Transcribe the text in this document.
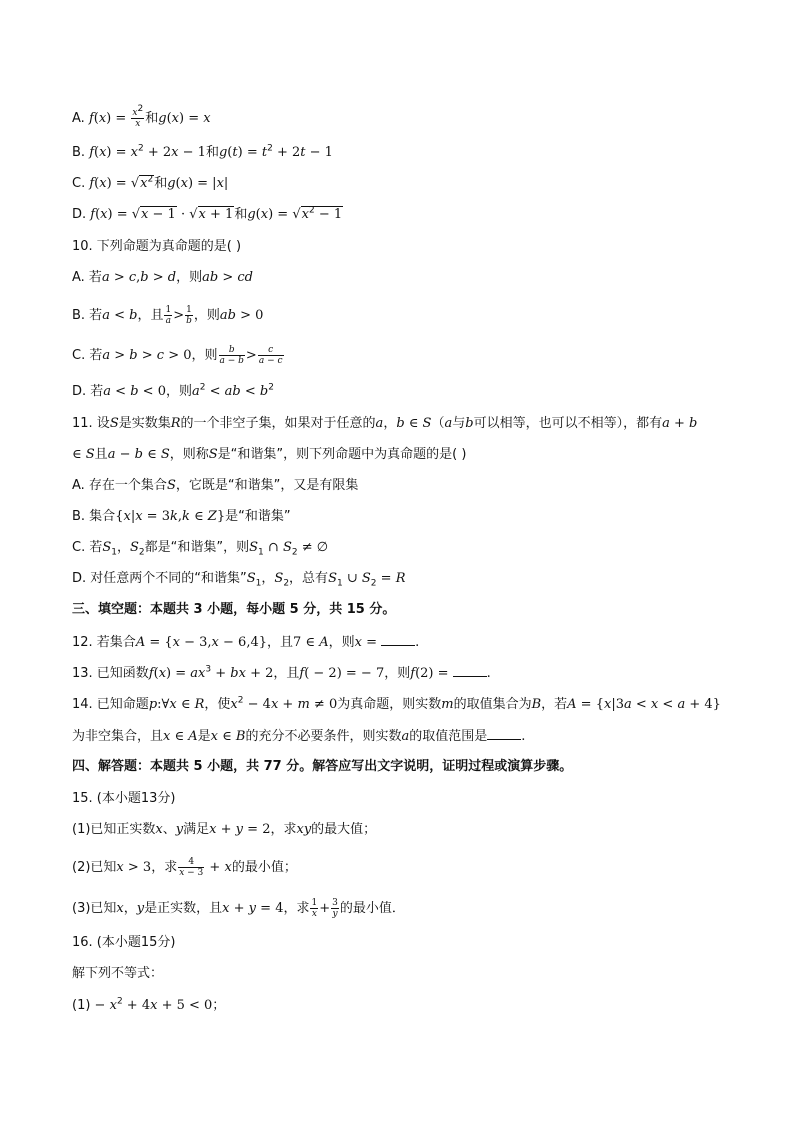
A. $f(x) = \frac{x^2}{x}$ 和g(x) = x
B. $f(x) = x^2 + 2x - 1$和$g(t) = t^2 + 2t - 1$
C. $f(x) = √x^2$和g(x) = |x|
D. f(x) = √x − 1 · √x + 1和$g(x) = √x^2 - 1$
10. 下列命题为真命题的是( )
A. 若a > c,b > d，则ab > cd
B. 若a < b，且 $\frac{1}{a} > \frac{1}{b}$ ，则ab > 0
C. 若a > b > c > 0，则 $\frac{b}{a - b} > \frac{c}{a - c}$
D. 若a < b < 0，则$a^2$ < ab < $b^2$
11. 设S是实数集R的一个非空子集，如果对于任意的a，b ∈ S（a与b可以相等，也可以不相等），都有a + b
∈ S且a − b ∈ S，则称S是“和谐集”，则下列命题中为真命题的是( )
A. 存在一个集合S，它既是“和谐集”，又是有限集
B. 集合{x|x = 3k,k ∈ Z}是“和谐集”
C. 若$S_1$，$S_2$都是“和谐集”，则$S_1$ ∩ $S_2$ ≠ ∅
D. 对任意两个不同的“和谐集$”S_1$，$S_2$，总有$S_1$ ∪ $S_2 = R$
三、填空题：本题共 3 小题，每小题 5 分，共 15 分。
12. 若集合A = {x − 3,x − 6,4}，且7 ∈ A，则x =	.
13. 已知函数$f(x) = ax^3$ + bx + 2，且f( − 2) = − 7，则f(2) =	.
14. 已知命题p:∀x ∈ R，使$x^2 - 4x + m \ne 0$为真命题，则实数m的取值集合为B，若A = {x|3a < x < a + 4}
为非空集合，且x ∈ A是x ∈ B的充分不必要条件，则实数a的取值范围是	.
四、解答题：本题共 5 小题，共 77 分。解答应写出文字说明，证明过程或演算步骤。
15. (本小题13分)
(1)已知正实数x、y满足x + y = 2，求xy的最大值；
(2)已知x > 3，求 $\frac{4}{x - 3} + x$的最小值；
(3)已知x，y是正实数，且x + y = 4，求 $\frac{1}{x} + \frac{3}{y}$ 的最小值．
16. (本小题15分)
解下列不等式：
$(1) - x^2 + 4x + 5 < 0$；
